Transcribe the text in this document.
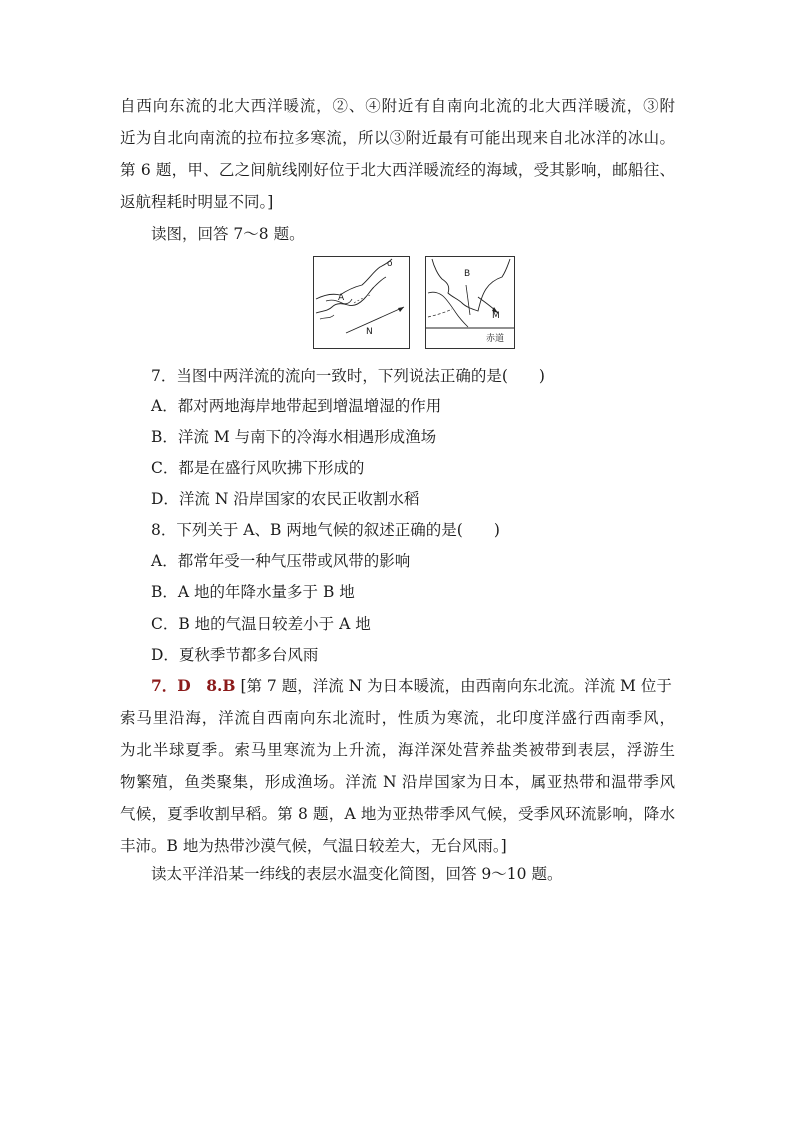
自西向东流的北大西洋暖流，②、④附近有自南向北流的北大西洋暖流，③附
近为自北向南流的拉布拉多寒流，所以③附近最有可能出现来自北冰洋的冰山。
第 6 题，甲、乙之间航线刚好位于北大西洋暖流经的海域，受其影响，邮船往、
返航程耗时明显不同。]
读图，回答 7～8 题。
o
A
N
B
M
赤道
7．当图中两洋流的流向一致时，下列说法正确的是(　　)
A．都对两地海岸地带起到增温增湿的作用
B．洋流 M 与南下的冷海水相遇形成渔场
C．都是在盛行风吹拂下形成的
D．洋流 N 沿岸国家的农民正收割水稻
8．下列关于 A、B 两地气候的叙述正确的是(　　)
A．都常年受一种气压带或风带的影响
B．A 地的年降水量多于 B 地
C．B 地的气温日较差小于 A 地
D．夏秋季节都多台风雨
7．D　8.B [第 7 题，洋流 N 为日本暖流，由西南向东北流。洋流 M 位于
索马里沿海，洋流自西南向东北流时，性质为寒流，北印度洋盛行西南季风，
为北半球夏季。索马里寒流为上升流，海洋深处营养盐类被带到表层，浮游生
物繁殖，鱼类聚集，形成渔场。洋流 N 沿岸国家为日本，属亚热带和温带季风
气候，夏季收割早稻。第 8 题，A 地为亚热带季风气候，受季风环流影响，降水
丰沛。B 地为热带沙漠气候，气温日较差大，无台风雨。]
读太平洋沿某一纬线的表层水温变化简图，回答 9～10 题。
